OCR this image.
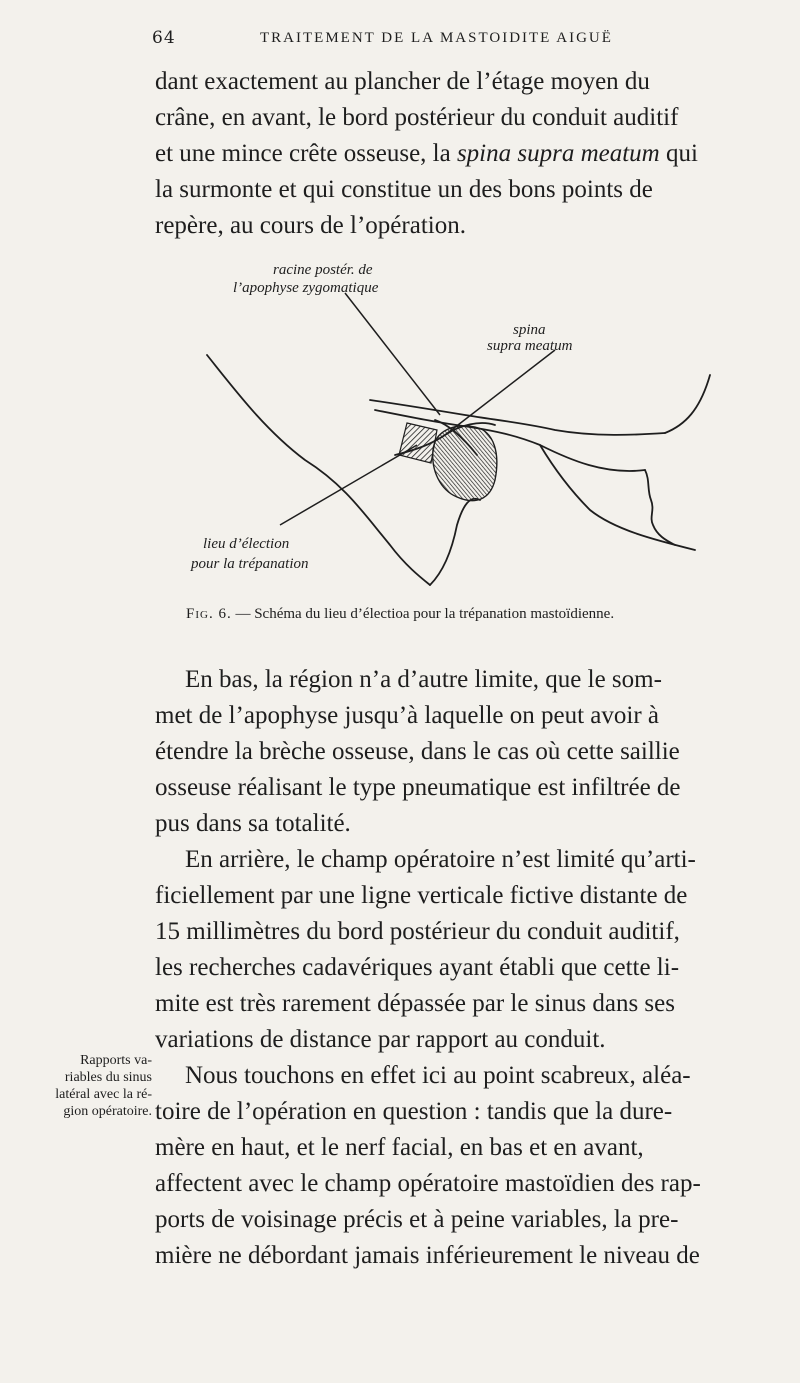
64	TRAITEMENT DE LA MASTOIDITE AIGUË
dant exactement au plancher de l’étage moyen du
crâne, en avant, le bord postérieur du conduit auditif
et une mince crête osseuse, la spina supra meatum qui
la surmonte et qui constitue un des bons points de
repère, au cours de l’opération.
racine postér. de
l’apophyse zygomatique
spina
supra meatum
lieu d’élection
pour la trépanation
Fig. 6. — Schéma du lieu d’électioa pour la trépanation mastoïdienne.
En bas, la région n’a d’autre limite, que le som-
met de l’apophyse jusqu’à laquelle on peut avoir à
étendre la brèche osseuse, dans le cas où cette saillie
osseuse réalisant le type pneumatique est infiltrée de
pus dans sa totalité.
En arrière, le champ opératoire n’est limité qu’arti-
ficiellement par une ligne verticale fictive distante de
15 millimètres du bord postérieur du conduit auditif,
les recherches cadavériques ayant établi que cette li-
mite est très rarement dépassée par le sinus dans ses
variations de distance par rapport au conduit.
Nous touchons en effet ici au point scabreux, aléa-
toire de l’opération en question : tandis que la dure-
mère en haut, et le nerf facial, en bas et en avant,
affectent avec le champ opératoire mastoïdien des rap-
ports de voisinage précis et à peine variables, la pre-
mière ne débordant jamais inférieurement le niveau de
Rapports va-
riables du sinus
latéral avec la ré-
gion opératoire.
